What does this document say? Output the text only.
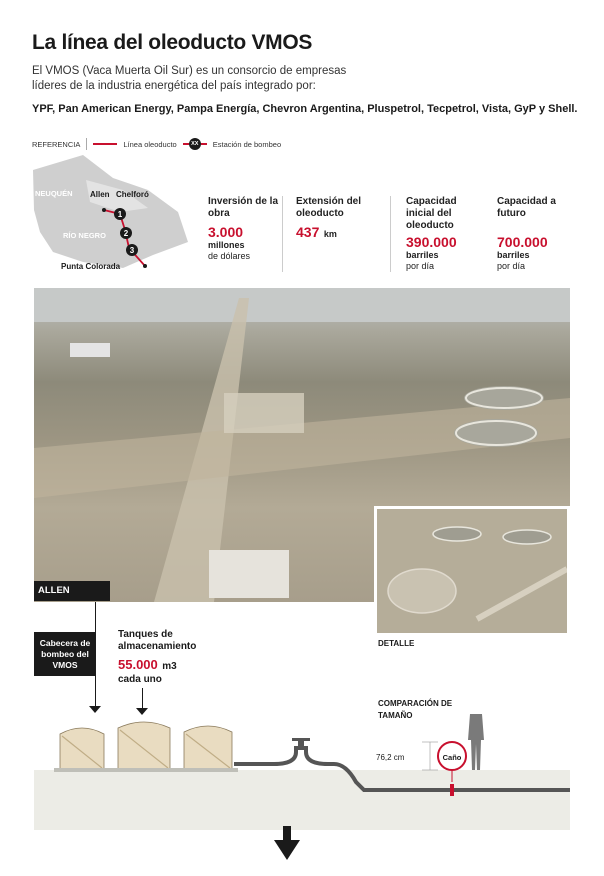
La línea del oleoducto VMOS
El VMOS (Vaca Muerta Oil Sur) es un consorcio de empresas líderes de la industria energética del país integrado por:
YPF, Pan American Energy, Pampa Energía, Chevron Argentina, Pluspetrol, Tecpetrol, Vista, GyP y Shell.
REFERENCIA	Línea oleoducto	XX	Estación de bombeo
1
2
3
NEUQUÉN
RÍO NEGRO
Allen Chelforó
Punta Colorada
Inversión de la obra
3.000
millones
de dólares
Extensión del oleoducto
437 km
Capacidad inicial del oleoducto
390.000
barriles
por día
Capacidad a futuro
700.000
barriles
por día
ALLEN
DETALLE
Cabecera de bombeo del VMOS
Tanques de almacenamiento
55.000 m3
cada uno
COMPARACIÓN DE TAMAÑO
Caño
76,2 cm
